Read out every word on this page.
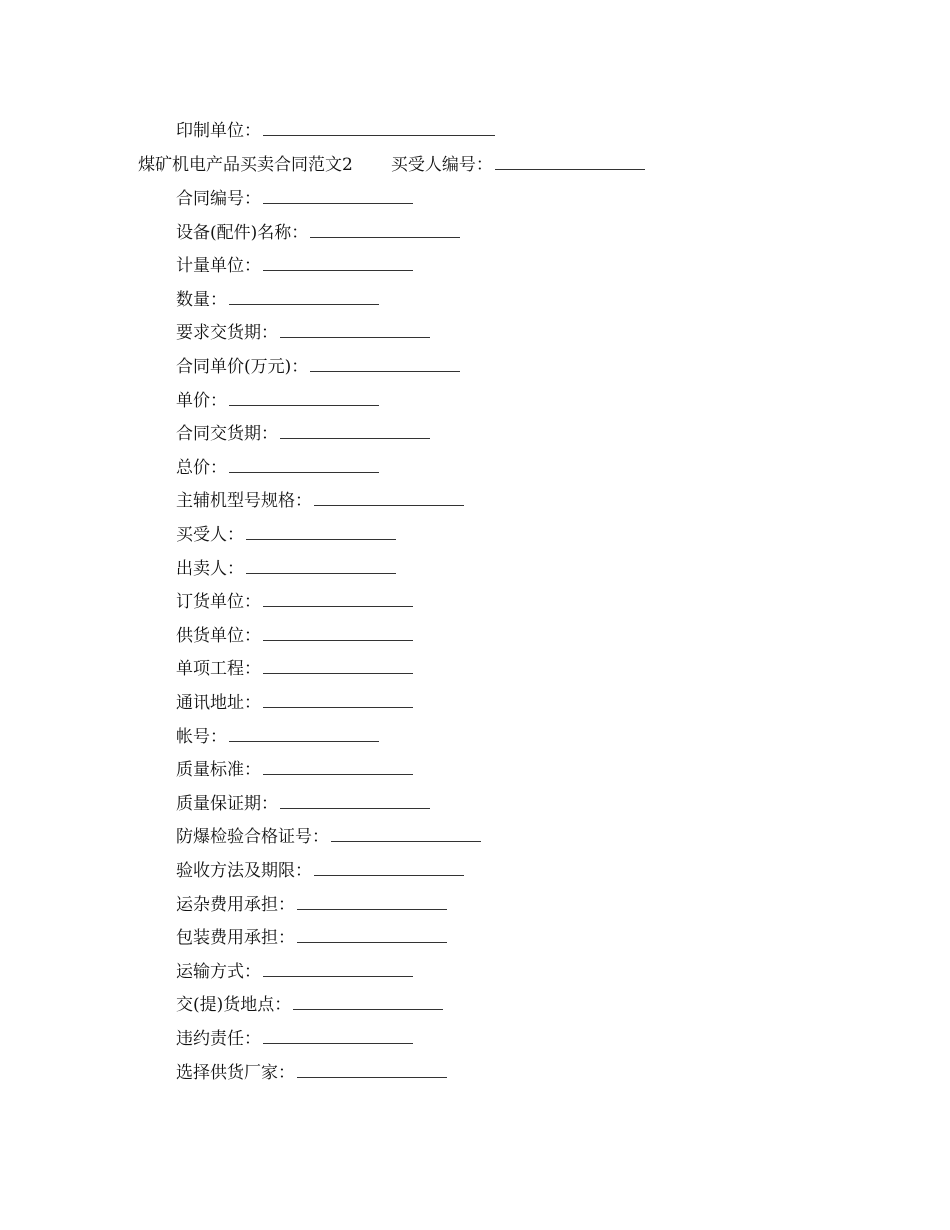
印制单位：
煤矿机电产品买卖合同范文2 买受人编号：
合同编号：
设备(配件)名称：
计量单位：
数量：
要求交货期：
合同单价(万元)：
单价：
合同交货期：
总价：
主辅机型号规格：
买受人：
出卖人：
订货单位：
供货单位：
单项工程：
通讯地址：
帐号：
质量标准：
质量保证期：
防爆检验合格证号：
验收方法及期限：
运杂费用承担：
包装费用承担：
运输方式：
交(提)货地点：
违约责任：
选择供货厂家：
